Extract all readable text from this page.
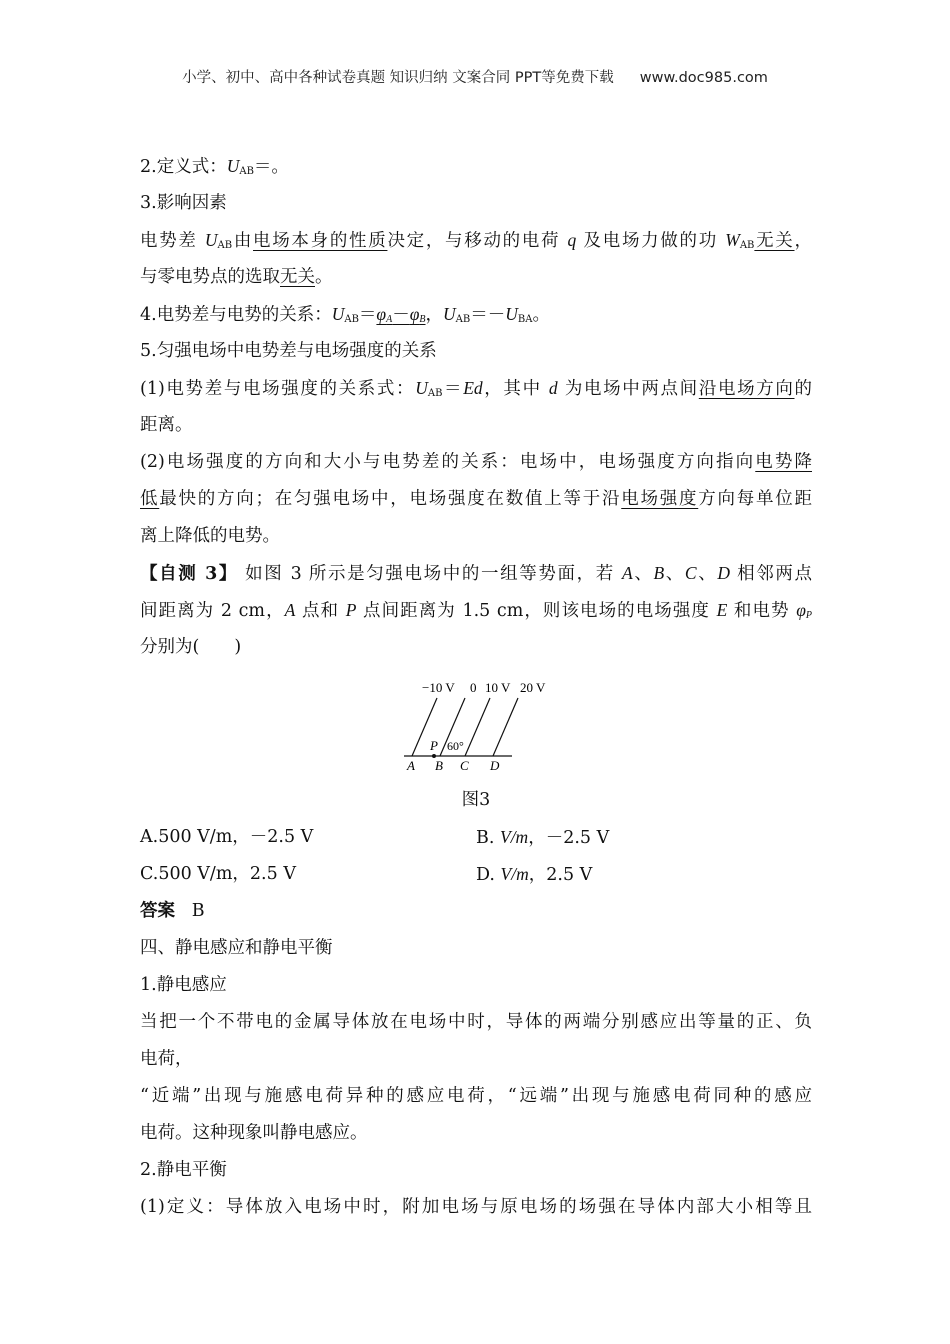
小学、初中、高中各种试卷真题 知识归纳 文案合同 PPT等免费下载 www.doc985.com
2.定义式：$U_{AB}=$。
3.影响因素
电势差 $U_{AB}$由电场本身的性质决定，与移动的电荷 q 及电场力做的功 $W_{AB}$无关，
与零电势点的选取无关。
4.电势差与电势的关系：$U_{AB}=\varphi_A-\varphi_B$，$U_{AB}=-U_{BA}$。
5.匀强电场中电势差与电场强度的关系
(1)电势差与电场强度的关系式：$U_{AB}=Ed$，其中 d 为电场中两点间沿电场方向的
距离。
(2)电场强度的方向和大小与电势差的关系：电场中，电场强度方向指向电势降
低最快的方向；在匀强电场中，电场强度在数值上等于沿电场强度方向每单位距
离上降低的电势。
【自测 3】 如图 3 所示是匀强电场中的一组等势面，若 A、B、C、D 相邻两点
间距离为 2 cm，A 点和 P 点间距离为 1.5 cm，则该电场的电场强度 E 和电势 $\varphi_P$
分别为(　　)
−10 V 0 10 V 20 V
P 60°
A B C D
图3
A.500 V/m，－2.5 V	B. V/m，－2.5 V
C.500 V/m，2.5 V	D. V/m，2.5 V
答案 B
四、静电感应和静电平衡
1.静电感应
当把一个不带电的金属导体放在电场中时，导体的两端分别感应出等量的正、负
电荷，
“近端”出现与施感电荷异种的感应电荷，“远端”出现与施感电荷同种的感应
电荷。这种现象叫静电感应。
2.静电平衡
(1)定义：导体放入电场中时，附加电场与原电场的场强在导体内部大小相等且
